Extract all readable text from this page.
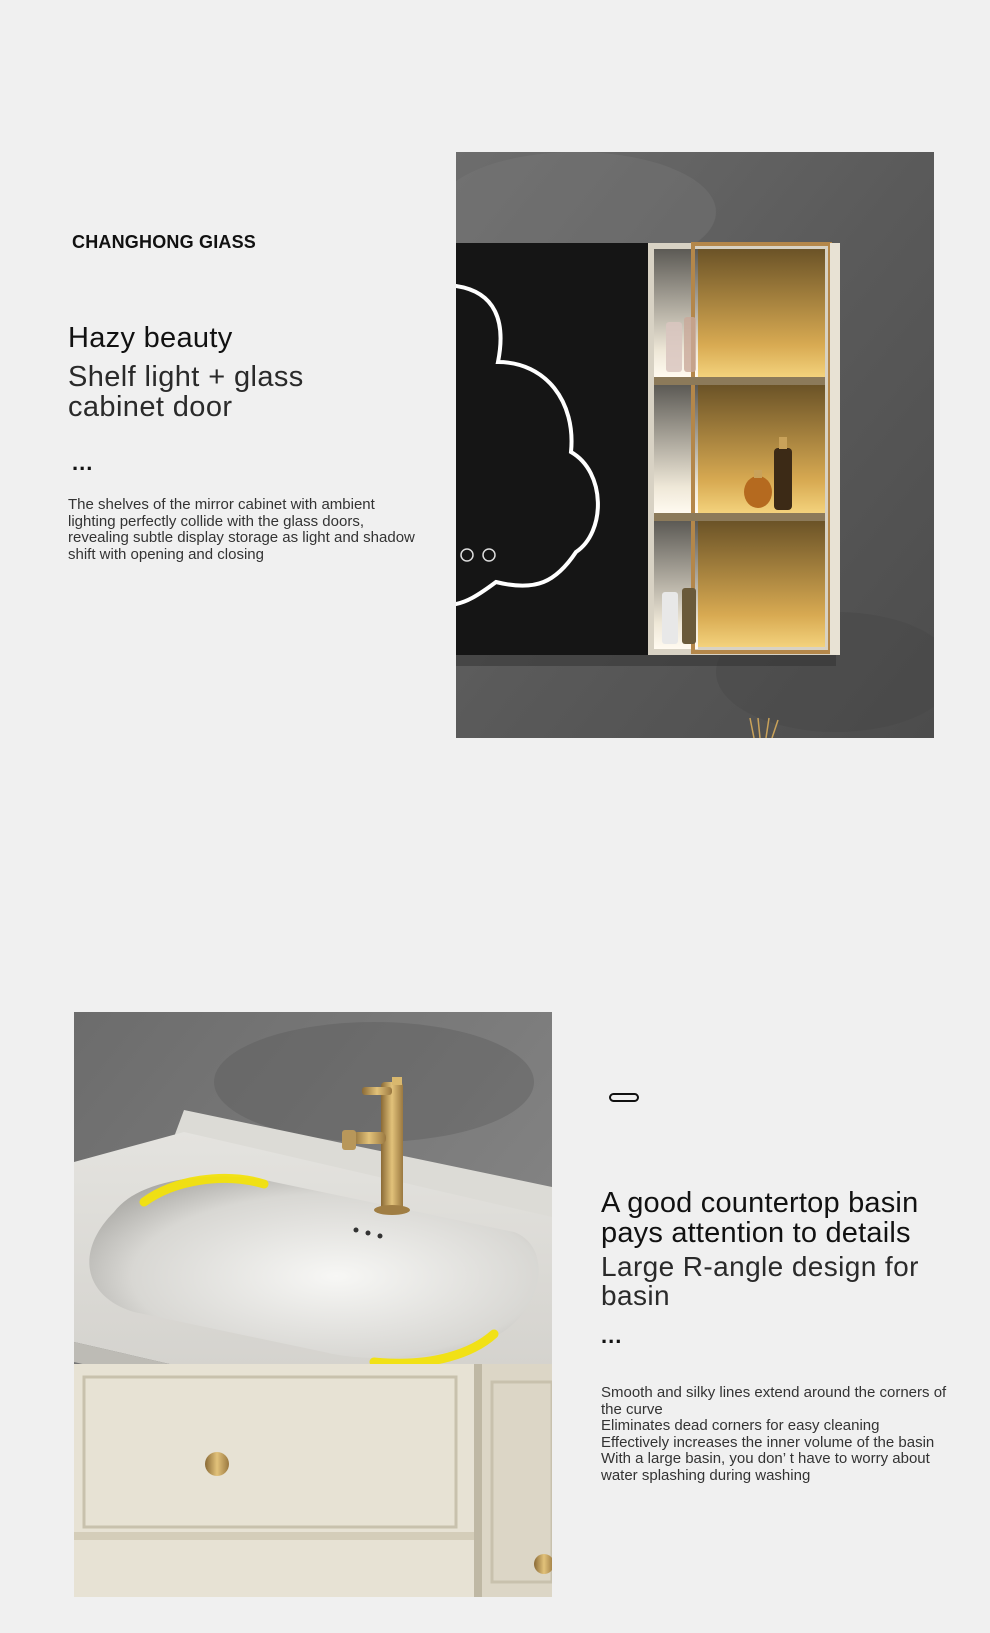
CHANGHONG GIASS
Hazy beauty
Shelf light + glass cabinet door
...
The shelves of the mirror cabinet with ambient lighting perfectly collide with the glass doors, revealing subtle display storage as light and shadow shift with opening and closing
A good countertop basin pays attention to details
Large R-angle design for basin
...

Smooth and silky lines extend around the corners of the curve

Eliminates dead corners for easy cleaning

Effectively increases the inner volume of the basin

With a large basin, you don’ t have to worry about water splashing during washing
